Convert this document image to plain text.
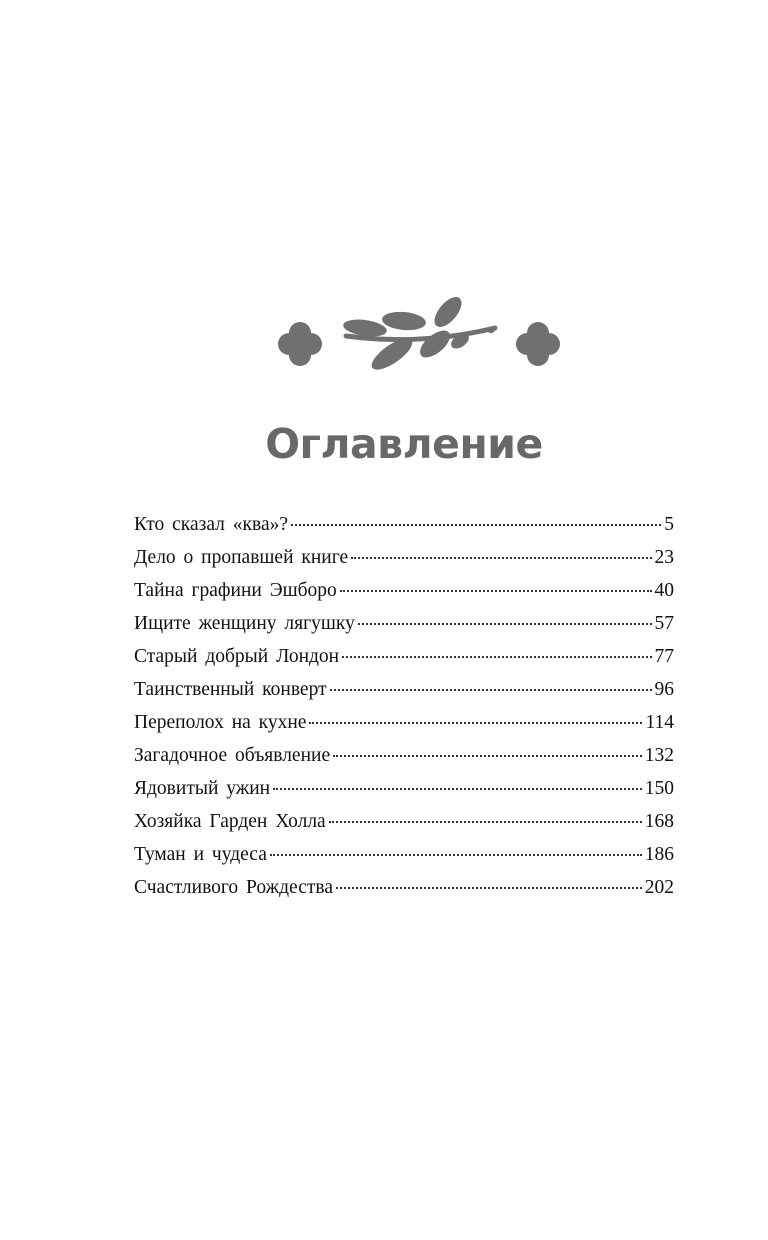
Оглавление
Кто сказал «ква»?	5
Дело о пропавшей книге	23
Тайна графини Эшборо	40
Ищите женщину лягушку	57
Старый добрый Лондон	77
Таинственный конверт	96
Переполох на кухне	114
Загадочное объявление	132
Ядовитый ужин	150
Хозяйка Гарден Холла	168
Туман и чудеса	186
Счастливого Рождества	202
